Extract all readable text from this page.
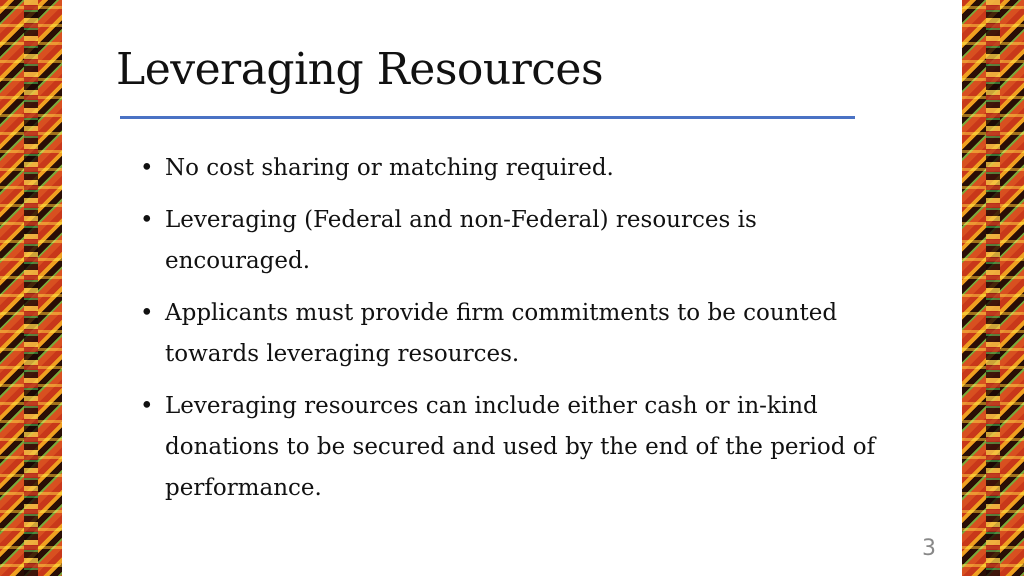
Leveraging Resources
• No cost sharing or matching required.
• Leveraging (Federal and non-Federal) resources is encouraged.
• Applicants must provide firm commitments to be counted towards leveraging resources.
• Leveraging resources can include either cash or in-kind donations to be secured and used by the end of the period of performance.
3
